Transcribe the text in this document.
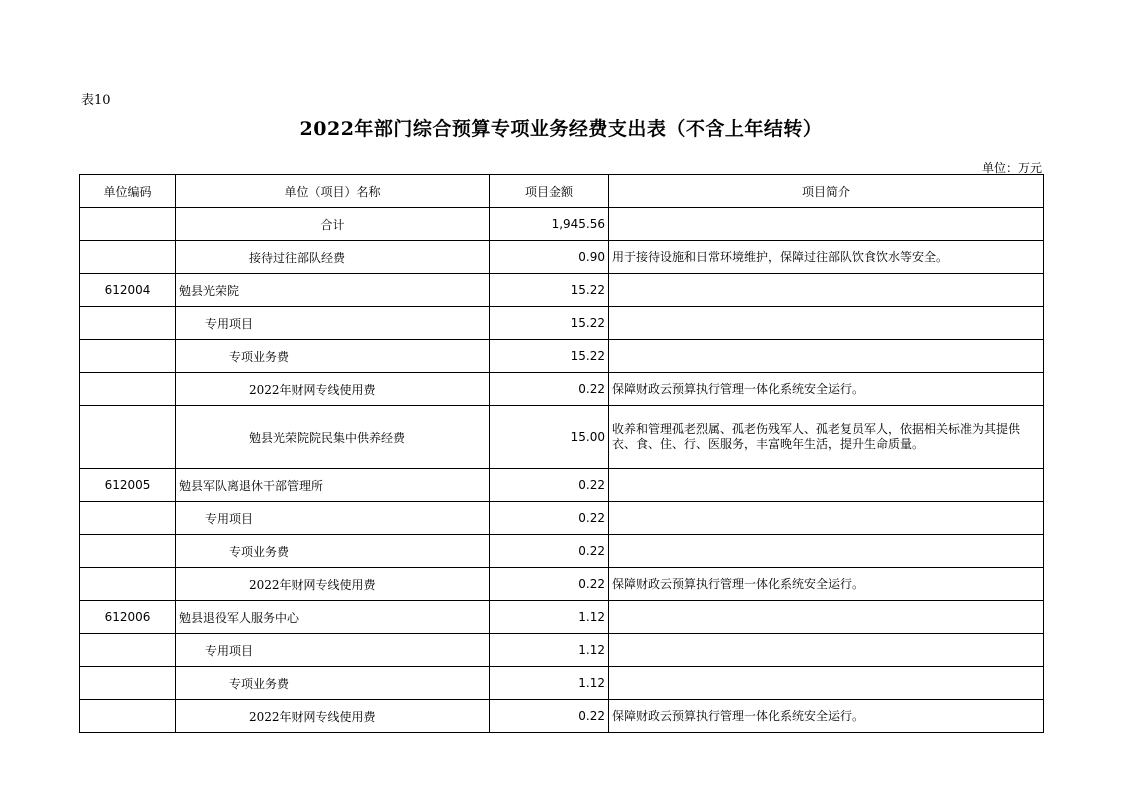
表10
2022年部门综合预算专项业务经费支出表（不含上年结转）
单位：万元
单位编码	单位（项目）名称	项目金额	项目简介

	合计	1,945.56	
	接待过往部队经费	0.90	用于接待设施和日常环境维护，保障过往部队饮食饮水等安全。
612004	勉县光荣院	15.22	
	专用项目	15.22	
	专项业务费	15.22	
	2022年财网专线使用费	0.22	保障财政云预算执行管理一体化系统安全运行。
	勉县光荣院院民集中供养经费	15.00	收养和管理孤老烈属、孤老伤残军人、孤老复员军人，依据相关标准为其提供衣、食、住、行、医服务，丰富晚年生活，提升生命质量。
612005	勉县军队离退休干部管理所	0.22	
	专用项目	0.22	
	专项业务费	0.22	
	2022年财网专线使用费	0.22	保障财政云预算执行管理一体化系统安全运行。
612006	勉县退役军人服务中心	1.12	
	专用项目	1.12	
	专项业务费	1.12	
	2022年财网专线使用费	0.22	保障财政云预算执行管理一体化系统安全运行。
